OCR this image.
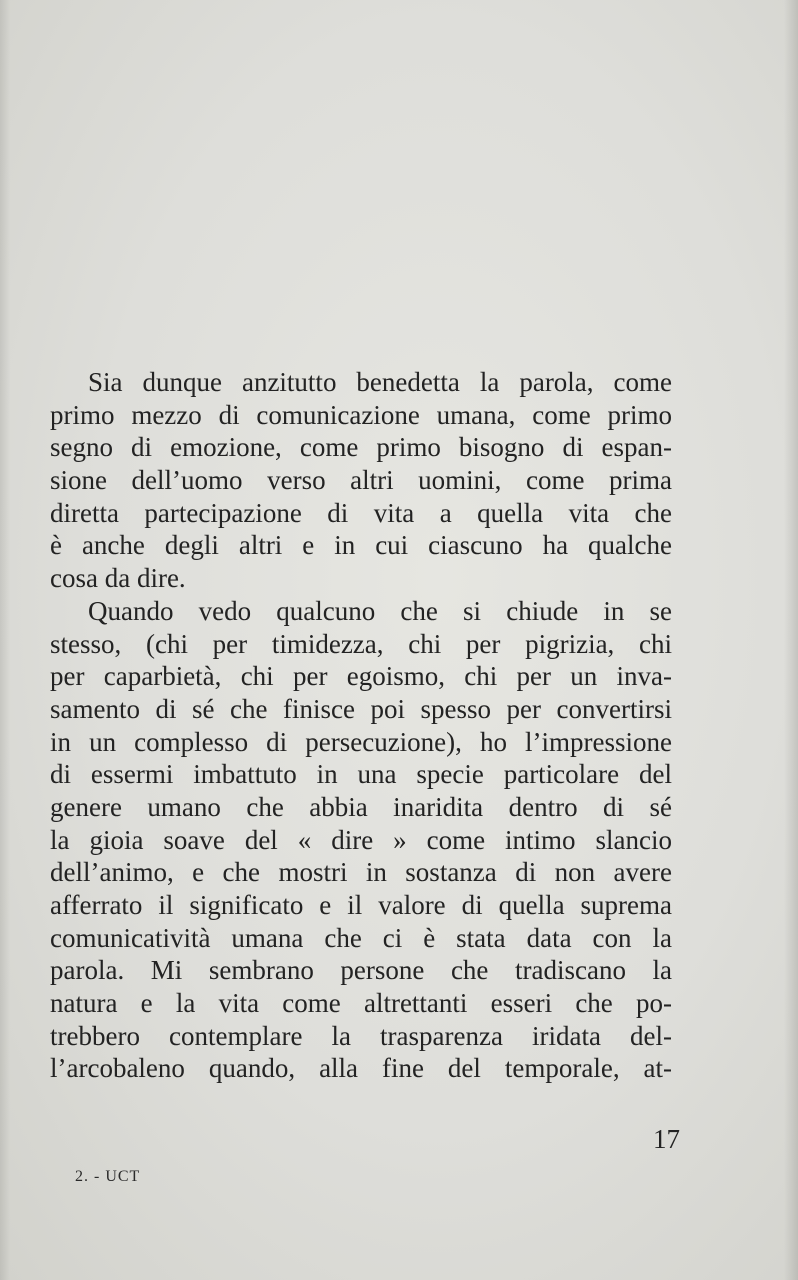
Sia dunque anzitutto benedetta la parola, come
primo mezzo di comunicazione umana, come primo
segno di emozione, come primo bisogno di espan-
sione dell’uomo verso altri uomini, come prima
diretta partecipazione di vita a quella vita che
è anche degli altri e in cui ciascuno ha qualche
cosa da dire.
Quando vedo qualcuno che si chiude in se
stesso, (chi per timidezza, chi per pigrizia, chi
per caparbietà, chi per egoismo, chi per un inva-
samento di sé che finisce poi spesso per convertirsi
in un complesso di persecuzione), ho l’impressione
di essermi imbattuto in una specie particolare del
genere umano che abbia inaridita dentro di sé
la gioia soave del « dire » come intimo slancio
dell’animo, e che mostri in sostanza di non avere
afferrato il significato e il valore di quella suprema
comunicatività umana che ci è stata data con la
parola. Mi sembrano persone che tradiscano la
natura e la vita come altrettanti esseri che po-
trebbero contemplare la trasparenza iridata del-
l’arcobaleno quando, alla fine del temporale, at-
17
2. - UCT
